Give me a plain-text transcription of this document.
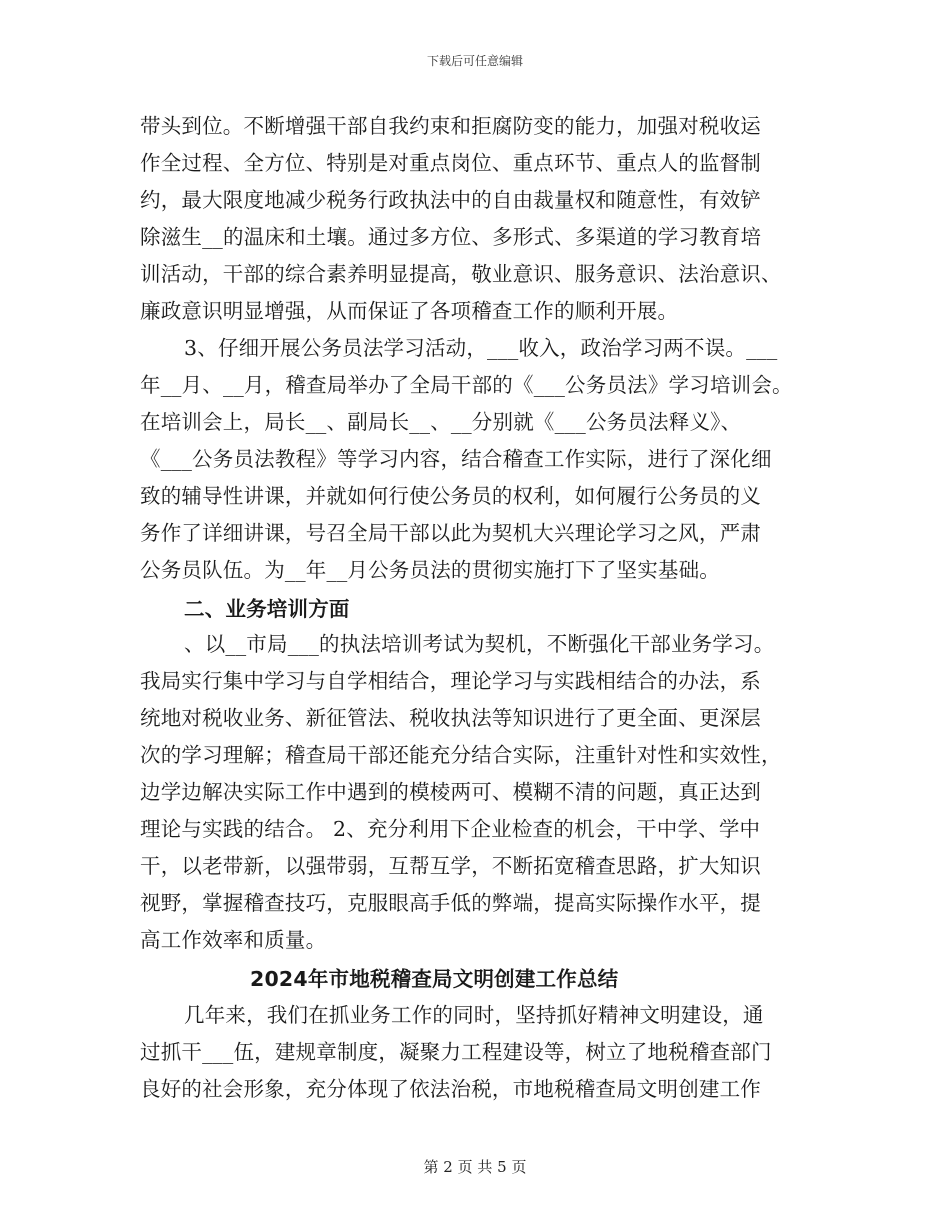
下载后可任意编辑
带头到位。不断增强干部自我约束和拒腐防变的能力，加强对税收运
作全过程、全方位、特别是对重点岗位、重点环节、重点人的监督制
约，最大限度地减少税务行政执法中的自由裁量权和随意性，有效铲
除滋生__的温床和土壤。通过多方位、多形式、多渠道的学习教育培
训活动，干部的综合素养明显提高，敬业意识、服务意识、法治意识、
廉政意识明显增强，从而保证了各项稽查工作的顺利开展。
3、仔细开展公务员法学习活动，___收入，政治学习两不误。___
年__月、__月，稽查局举办了全局干部的《___公务员法》学习培训会。
在培训会上，局长__、副局长__、__分别就《___公务员法释义》、
《___公务员法教程》等学习内容，结合稽查工作实际，进行了深化细
致的辅导性讲课，并就如何行使公务员的权利，如何履行公务员的义
务作了详细讲课，号召全局干部以此为契机大兴理论学习之风，严肃
公务员队伍。为__年__月公务员法的贯彻实施打下了坚实基础。
二、业务培训方面
、以__市局___的执法培训考试为契机，不断强化干部业务学习。
我局实行集中学习与自学相结合，理论学习与实践相结合的办法，系
统地对税收业务、新征管法、税收执法等知识进行了更全面、更深层
次的学习理解；稽查局干部还能充分结合实际，注重针对性和实效性，
边学边解决实际工作中遇到的模棱两可、模糊不清的问题，真正达到
理论与实践的结合。 2、充分利用下企业检查的机会，干中学、学中
干，以老带新，以强带弱，互帮互学，不断拓宽稽查思路，扩大知识
视野，掌握稽查技巧，克服眼高手低的弊端，提高实际操作水平，提
高工作效率和质量。
2024年市地税稽查局文明创建工作总结
几年来，我们在抓业务工作的同时，坚持抓好精神文明建设，通
过抓干___伍，建规章制度，凝聚力工程建设等，树立了地税稽查部门
良好的社会形象，充分体现了依法治税，市地税稽查局文明创建工作
第 2 页 共 5 页
